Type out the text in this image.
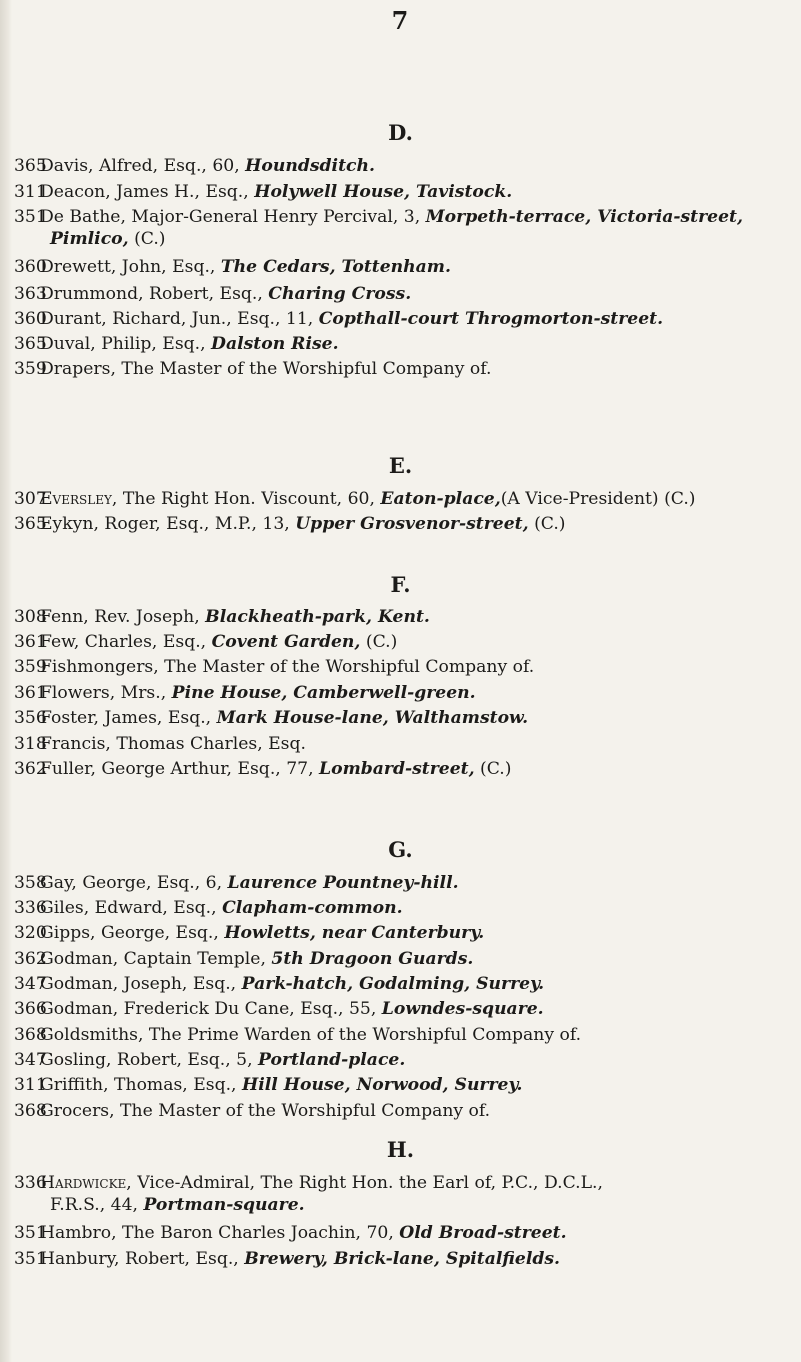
7
D.
365Davis, Alfred, Esq., 60, Houndsditch.
311Deacon, James H., Esq., Holywell House, Tavistock.
351De Bathe, Major-General Henry Percival, 3, Morpeth-terrace, Victoria-street,
Pimlico, (C.)
360Drewett, John, Esq., The Cedars, Tottenham.
363Drummond, Robert, Esq., Charing Cross.
360Durant, Richard, Jun., Esq., 11, Copthall-court Throgmorton-street.
365Duval, Philip, Esq., Dalston Rise.
359Drapers, The Master of the Worshipful Company of.
E.
307Eversley, The Right Hon. Viscount, 60, Eaton-place,(A Vice-President) (C.)
365Eykyn, Roger, Esq., M.P., 13, Upper Grosvenor-street, (C.)
F.
308Fenn, Rev. Joseph, Blackheath-park, Kent.
361Few, Charles, Esq., Covent Garden, (C.)
359Fishmongers, The Master of the Worshipful Company of.
361Flowers, Mrs., Pine House, Camberwell-green.
356Foster, James, Esq., Mark House-lane, Walthamstow.
318Francis, Thomas Charles, Esq.
362Fuller, George Arthur, Esq., 77, Lombard-street, (C.)
G.
358Gay, George, Esq., 6, Laurence Pountney-hill.
336Giles, Edward, Esq., Clapham-common.
320Gipps, George, Esq., Howletts, near Canterbury.
362Godman, Captain Temple, 5th Dragoon Guards.
347Godman, Joseph, Esq., Park-hatch, Godalming, Surrey.
366Godman, Frederick Du Cane, Esq., 55, Lowndes-square.
368Goldsmiths, The Prime Warden of the Worshipful Company of.
347Gosling, Robert, Esq., 5, Portland-place.
311Griffith, Thomas, Esq., Hill House, Norwood, Surrey.
368Grocers, The Master of the Worshipful Company of.
H.
336Hardwicke, Vice-Admiral, The Right Hon. the Earl of, P.C., D.C.L.,
F.R.S., 44, Portman-square.
351Hambro, The Baron Charles Joachin, 70, Old Broad-street.
351Hanbury, Robert, Esq., Brewery, Brick-lane, Spitalfields.
